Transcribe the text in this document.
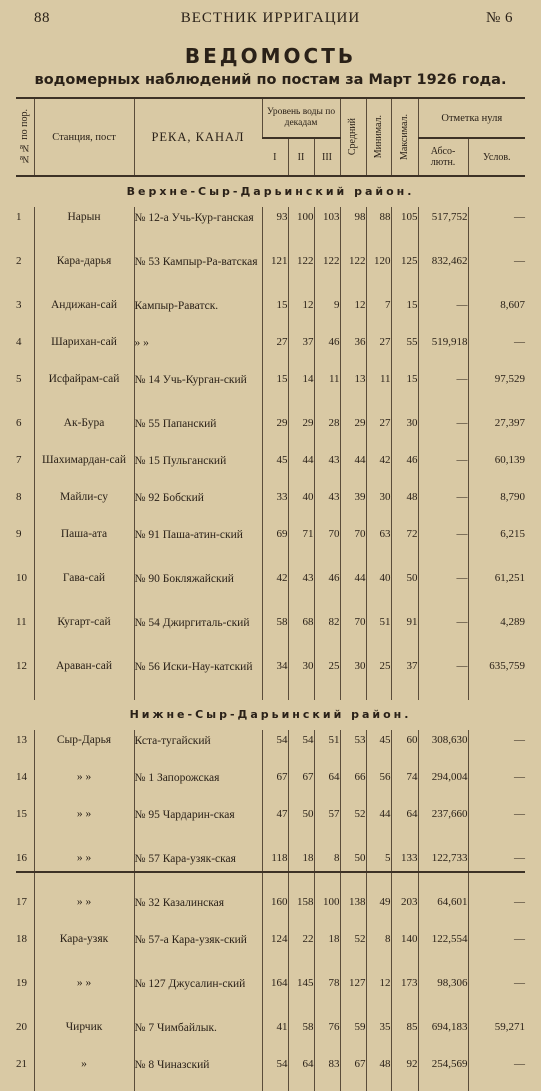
88	ВЕСТНИК ИРРИГАЦИИ	№ 6
ВЕДОМОСТЬ
водомерных наблюдений по постам за Март 1926 года.
№№ по пор.	Станция, пост	РЕКА, КАНАЛ	Уровень воды по декадам			Средний	Минимал.	Максимал.	Отметка нуля	
			I	II	III				Абсо-лютн.	Услов.
Верхне-Сыр-Дарьинский район.										
1	Нарын	№ 12-а Учь-Кур-ганская	93	100	103	98	88	105	517,752	—
2	Кара-дарья	№ 53 Кампыр-Ра-ватская	121	122	122	122	120	125	832,462	—
3	Андижан-сай	Кампыр-Раватск.	15	12	9	12	7	15	—	8,607
4	Шарихан-сай	» »	27	37	46	36	27	55	519,918	—
5	Исфайрам-сай	№ 14 Учь-Курган-ский	15	14	11	13	11	15	—	97,529
6	Ак-Бура	№ 55 Папанский	29	29	28	29	27	30	—	27,397
7	Шахимардан-сай	№ 15 Пульганский	45	44	43	44	42	46	—	60,139
8	Майли-су	№ 92 Бобский	33	40	43	39	30	48	—	8,790
9	Паша-ата	№ 91 Паша-атин-ский	69	71	70	70	63	72	—	6,215
10	Гава-сай	№ 90 Бокляжайский	42	43	46	44	40	50	—	61,251
11	Кугарт-сай	№ 54 Джиргиталь-ский	58	68	82	70	51	91	—	4,289
12	Араван-сай	№ 56 Иски-Нау-катский	34	30	25	30	25	37	—	635,759
Нижне-Сыр-Дарьинский район.										
13	Сыр-Дарья	Кста-тугайский	54	54	51	53	45	60	308,630	—
14	» »	№ 1 Запорожская	67	67	64	66	56	74	294,004	—
15	» »	№ 95 Чардарин-ская	47	50	57	52	44	64	237,660	—
16	» »	№ 57 Кара-узяк-ская	118	18	8	50	5	133	122,733	—
17	» »	№ 32 Казалинская	160	158	100	138	49	203	64,601	—
18	Кара-узяк	№ 57-а Кара-узяк-ский	124	22	18	52	8	140	122,554	—
19	» »	№ 127 Джусалин-ский	164	145	78	127	12	173	98,306	—
20	Чирчик	№ 7 Чимбайлык.	41	58	76	59	35	85	694,183	59,271
21	»	№ 8 Чиназский	54	64	83	67	48	92	254,569	—
